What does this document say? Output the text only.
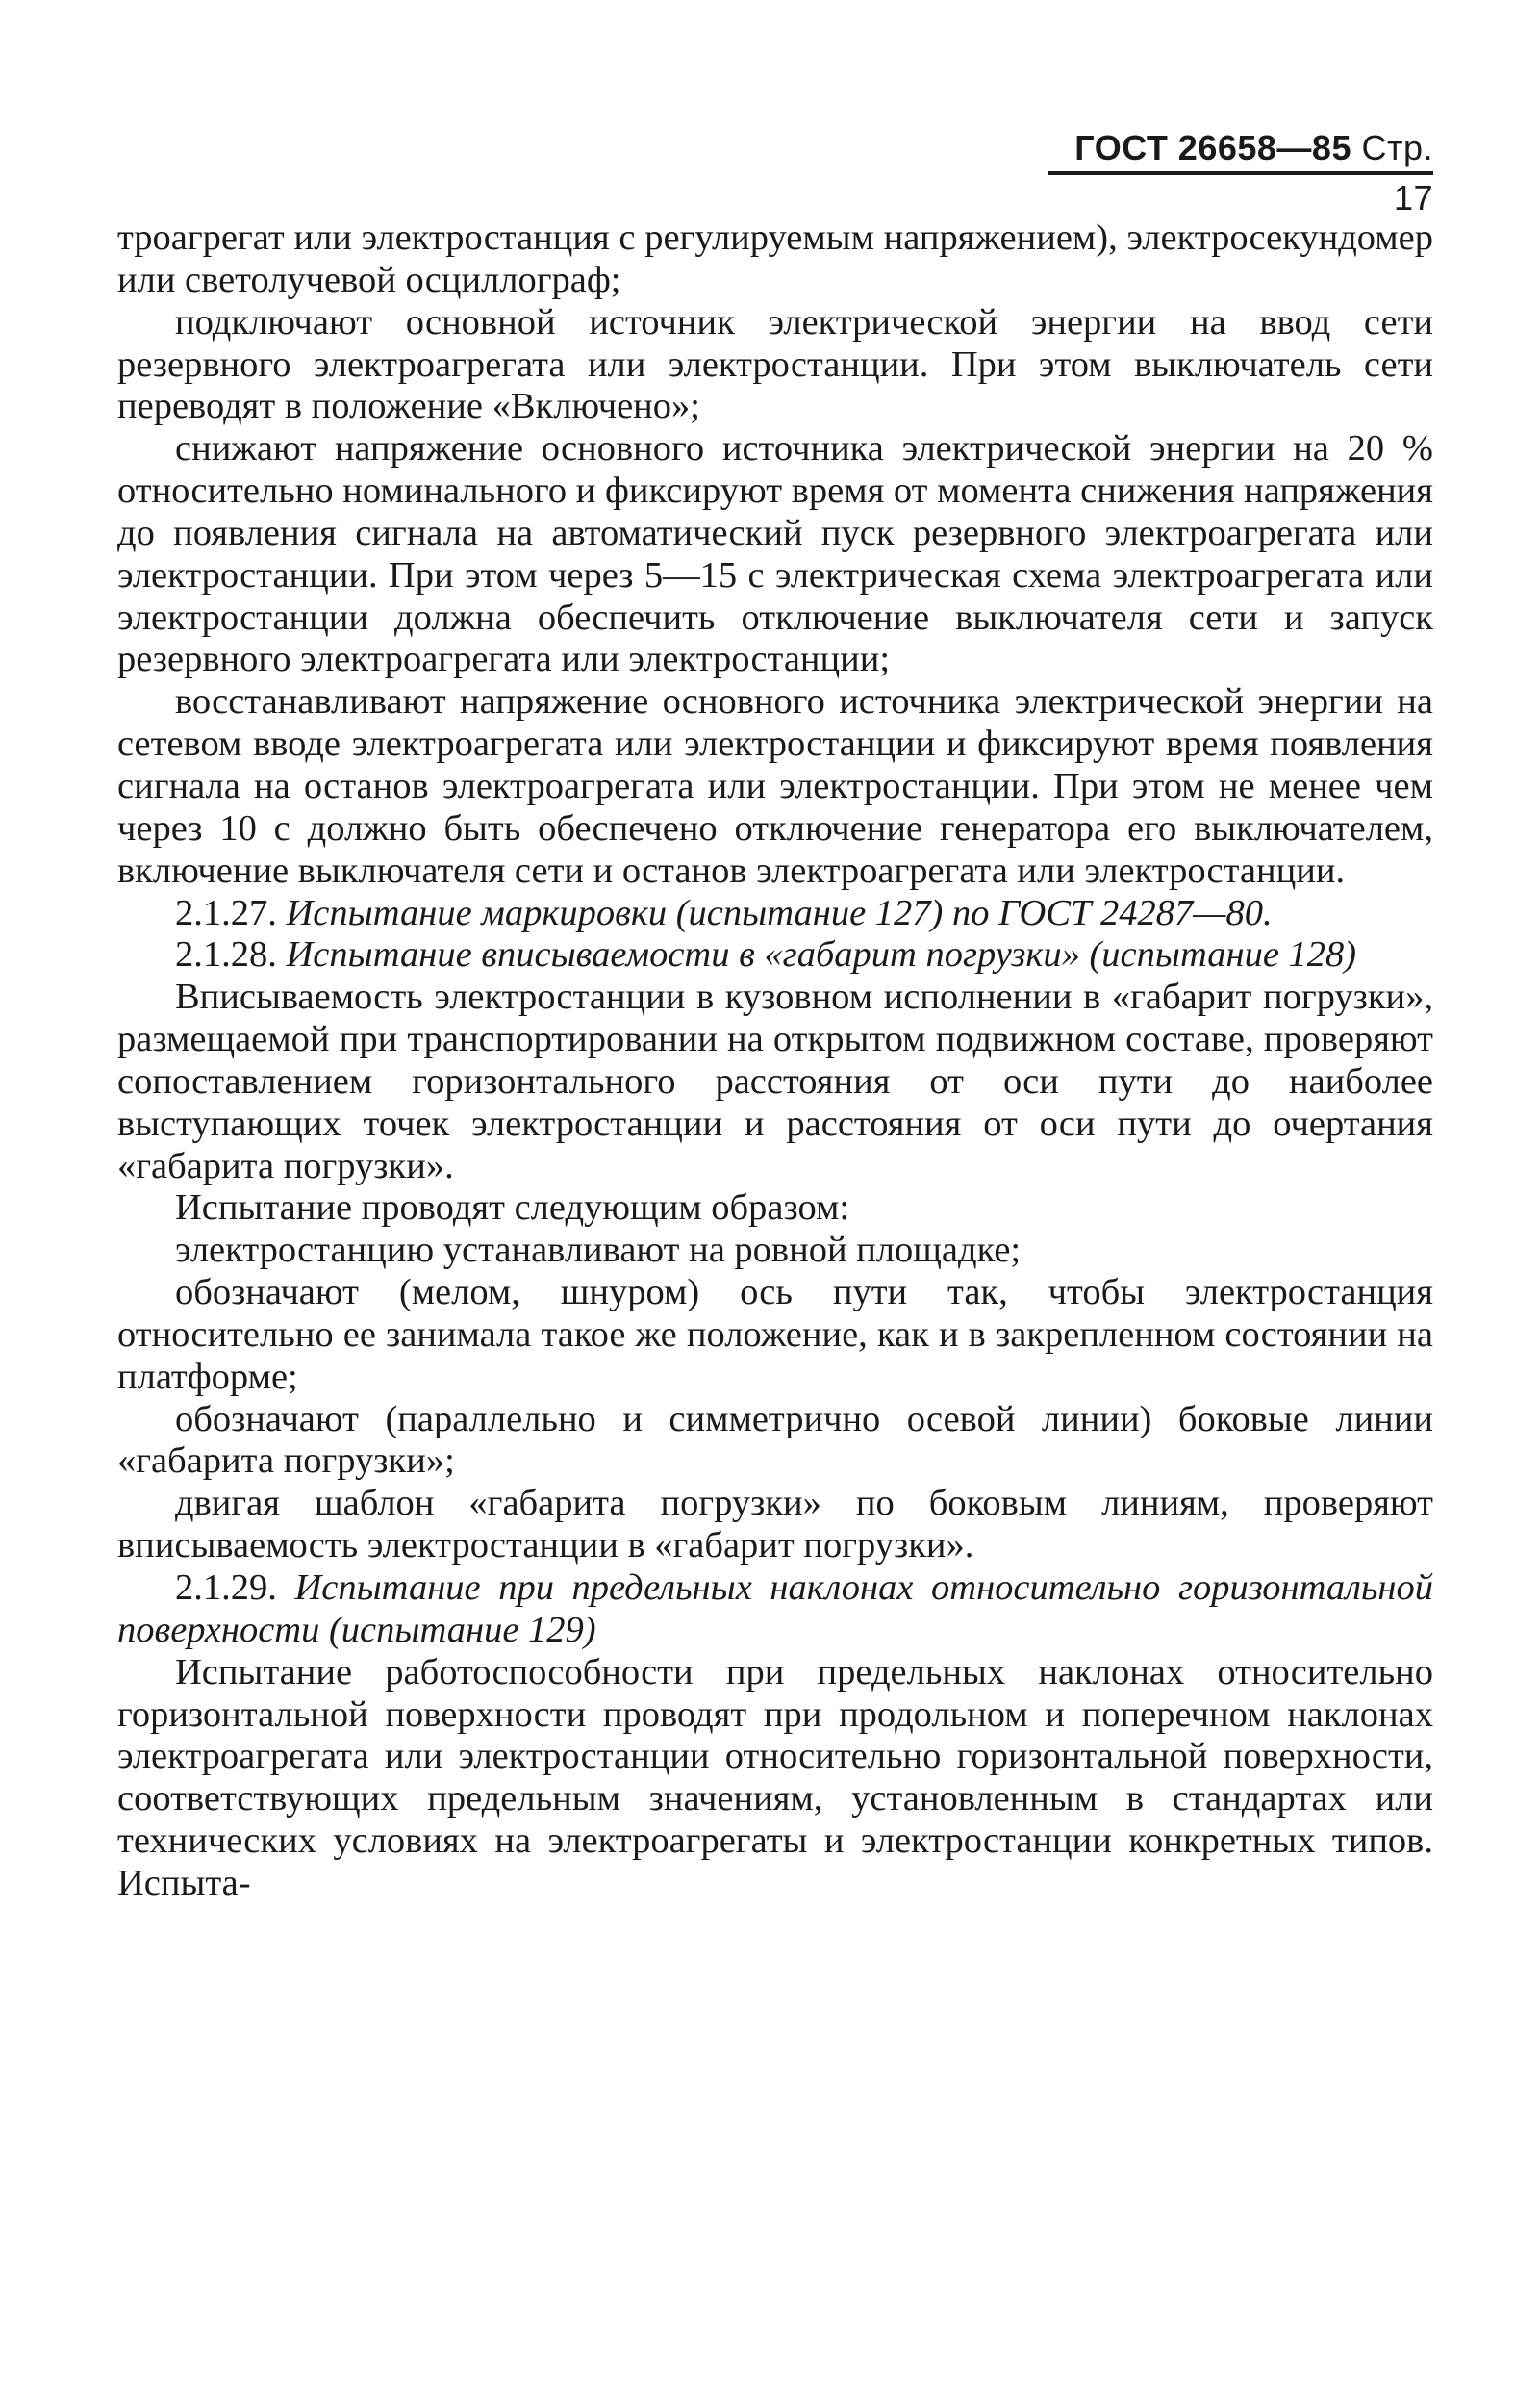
ГОСТ 26658—85 Стр. 17

троагрегат или электростанция с регулируемым напряжением), электросекундомер или светолучевой осциллограф;

подключают основной источник электрической энергии на ввод сети резервного электроагрегата или электростанции. При этом выключатель сети переводят в положение «Включено»;

снижают напряжение основного источника электрической энергии на 20 % относительно номинального и фиксируют время от момента снижения напряжения до появления сигнала на автоматический пуск резервного электроагрегата или электростанции. При этом через 5—15 с электрическая схема электроагрегата или электростанции должна обеспечить отключение выключателя сети и запуск резервного электроагрегата или электростанции;

восстанавливают напряжение основного источника электрической энергии на сетевом вводе электроагрегата или электростанции и фиксируют время появления сигнала на останов электроагрегата или электростанции. При этом не менее чем через 10 с должно быть обеспечено отключение генератора его выключателем, включение выключателя сети и останов электроагрегата или электростанции.

2.1.27. Испытание маркировки (испытание 127) по ГОСТ 24287—80.

2.1.28. Испытание вписываемости в «габарит погрузки» (испытание 128)

Вписываемость электростанции в кузовном исполнении в «габарит погрузки», размещаемой при транспортировании на открытом подвижном составе, проверяют сопоставлением горизонтального расстояния от оси пути до наиболее выступающих точек электростанции и расстояния от оси пути до очертания «габарита погрузки».

Испытание проводят следующим образом:

электростанцию устанавливают на ровной площадке;

обозначают (мелом, шнуром) ось пути так, чтобы электростанция относительно ее занимала такое же положение, как и в закрепленном состоянии на платформе;

обозначают (параллельно и симметрично осевой линии) боковые линии «габарита погрузки»;

двигая шаблон «габарита погрузки» по боковым линиям, проверяют вписываемость электростанции в «габарит погрузки».

2.1.29. Испытание при предельных наклонах относительно горизонтальной поверхности (испытание 129)

Испытание работоспособности при предельных наклонах относительно горизонтальной поверхности проводят при продольном и поперечном наклонах электроагрегата или электростанции относительно горизонтальной поверхности, соответствующих предельным значениям, установленным в стандартах или технических условиях на электроагрегаты и электростанции конкретных типов. Испыта-
